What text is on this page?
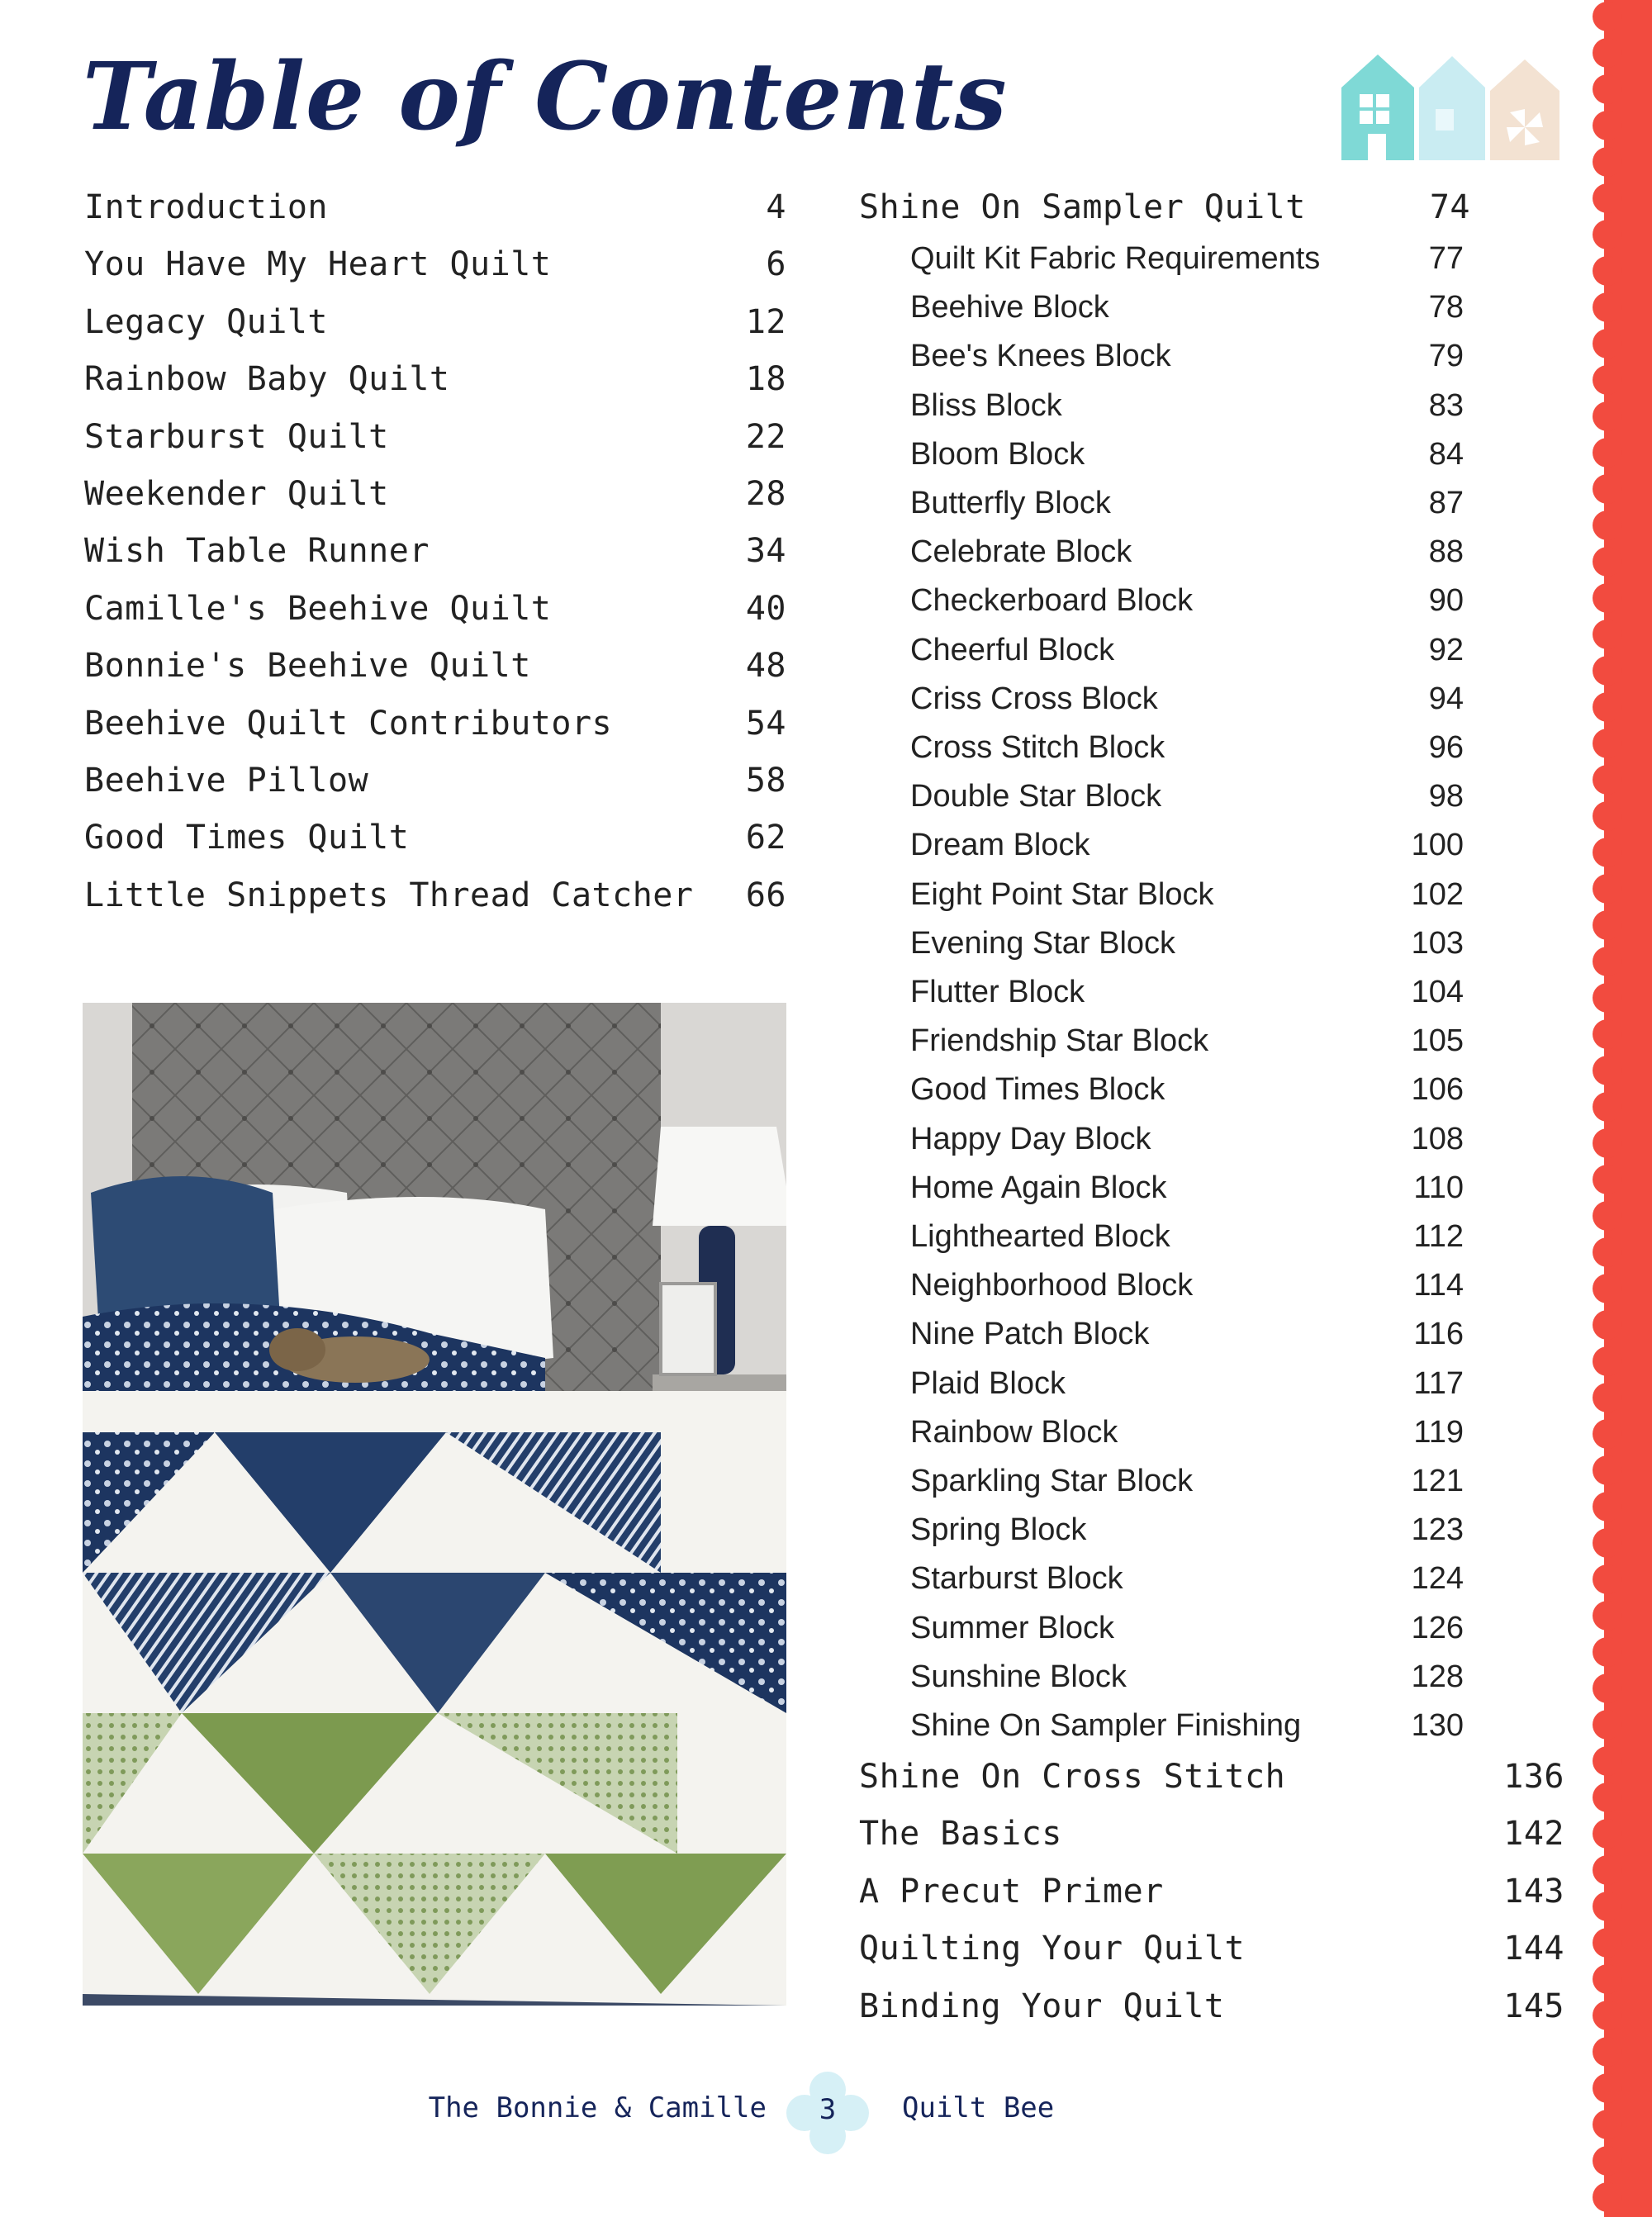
Table of Contents
Introduction	4
You Have My Heart Quilt	6
Legacy Quilt	12
Rainbow Baby Quilt	18
Starburst Quilt	22
Weekender Quilt	28
Wish Table Runner	34
Camille's Beehive Quilt	40
Bonnie's Beehive Quilt	48
Beehive Quilt Contributors	54
Beehive Pillow	58
Good Times Quilt	62
Little Snippets Thread Catcher 66
Shine On Sampler Quilt	74
Quilt Kit Fabric Requirements	77
Beehive Block	78
Bee's Knees Block	79
Bliss Block	83
Bloom Block	84
Butterfly Block	87
Celebrate Block	88
Checkerboard Block	90
Cheerful Block	92
Criss Cross Block	94
Cross Stitch Block	96
Double Star Block	98
Dream Block	100
Eight Point Star Block	102
Evening Star Block	103
Flutter Block	104
Friendship Star Block	105
Good Times Block	106
Happy Day Block	108
Home Again Block	110
Lighthearted Block	112
Neighborhood Block	114
Nine Patch Block	116
Plaid Block	117
Rainbow Block	119
Sparkling Star Block	121
Spring Block	123
Starburst Block	124
Summer Block	126
Sunshine Block	128
Shine On Sampler Finishing	130
Shine On Cross Stitch	136
The Basics	142
A Precut Primer	143
Quilting Your Quilt	144
Binding Your Quilt	145
The Bonnie & Camille	3	Quilt Bee
